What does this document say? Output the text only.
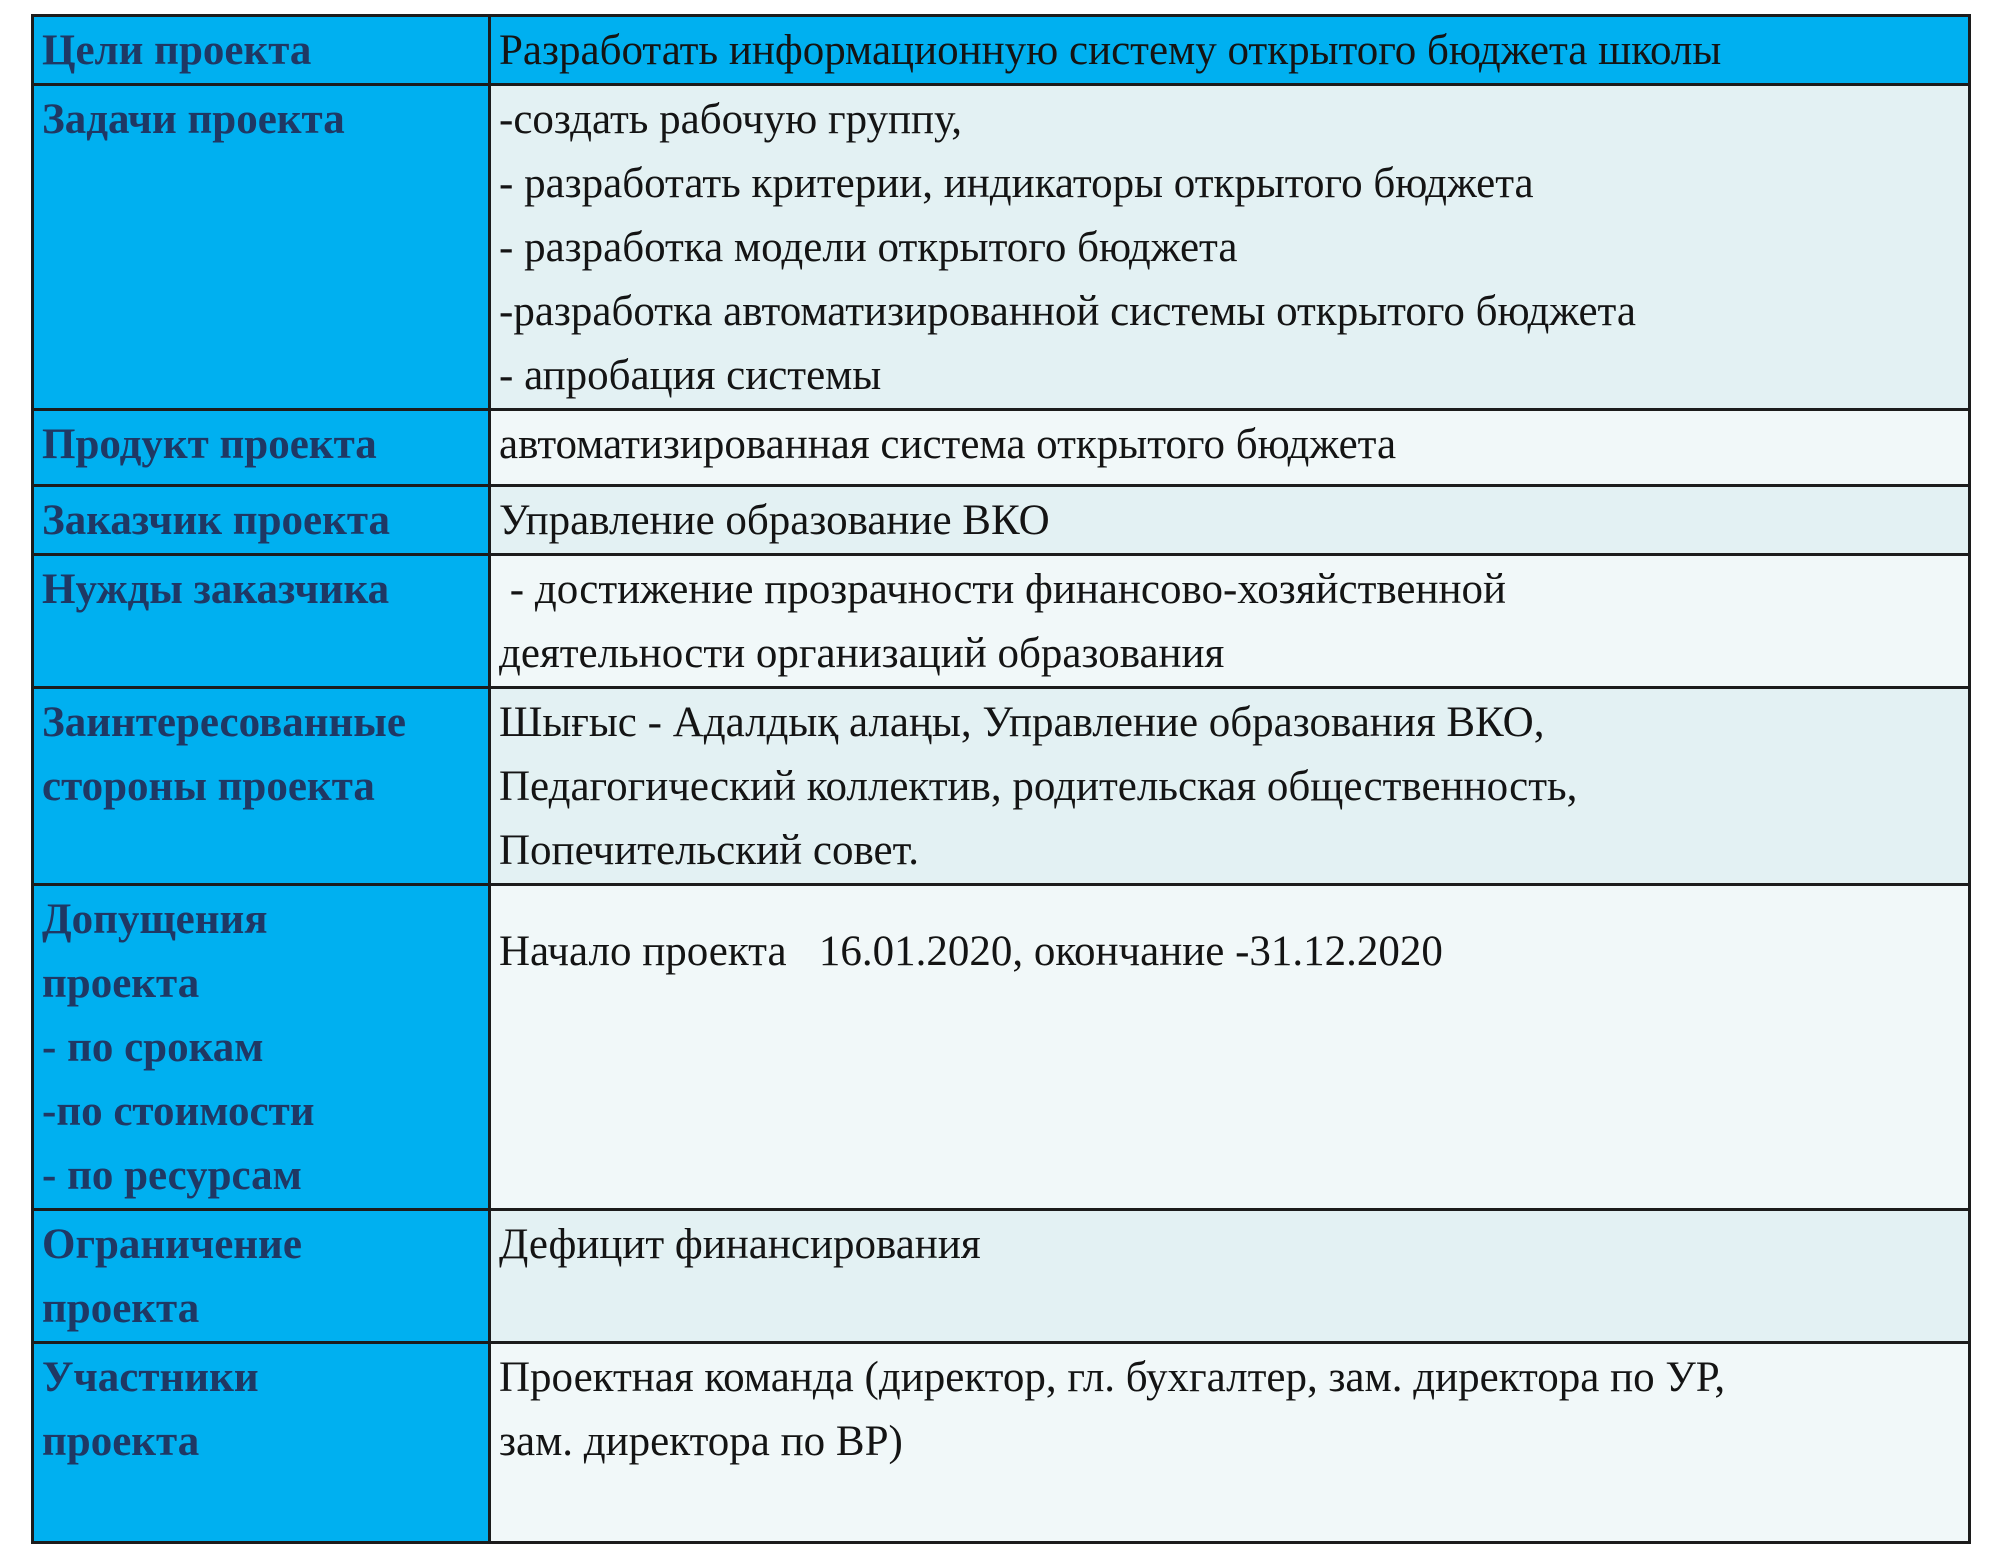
Цели проекта	Разработать информационную систему открытого бюджета школы

Задачи проекта	-создать рабочую группу,
- разработать критерии, индикаторы открытого бюджета
- разработка модели открытого бюджета
-разработка автоматизированной системы открытого бюджета
- апробация системы

Продукт проекта	автоматизированная система открытого бюджета

Заказчик проекта	Управление образование ВКО

Нужды заказчика	- достижение прозрачности финансово-хозяйственной
деятельности организаций образования

Заинтересованные
стороны проекта	Шығыс - Адалдық алаңы, Управление образования ВКО,
Педагогический коллектив, родительская общественность,
Попечительский совет.

Допущения
проекта
- по срокам
-по стоимости
- по ресурсам	Начало проекта   16.01.2020, окончание -31.12.2020

Ограничение
проекта	Дефицит финансирования

Участники
проекта	Проектная команда (директор, гл. бухгалтер, зам. директора по УР,
зам. директора по ВР)
